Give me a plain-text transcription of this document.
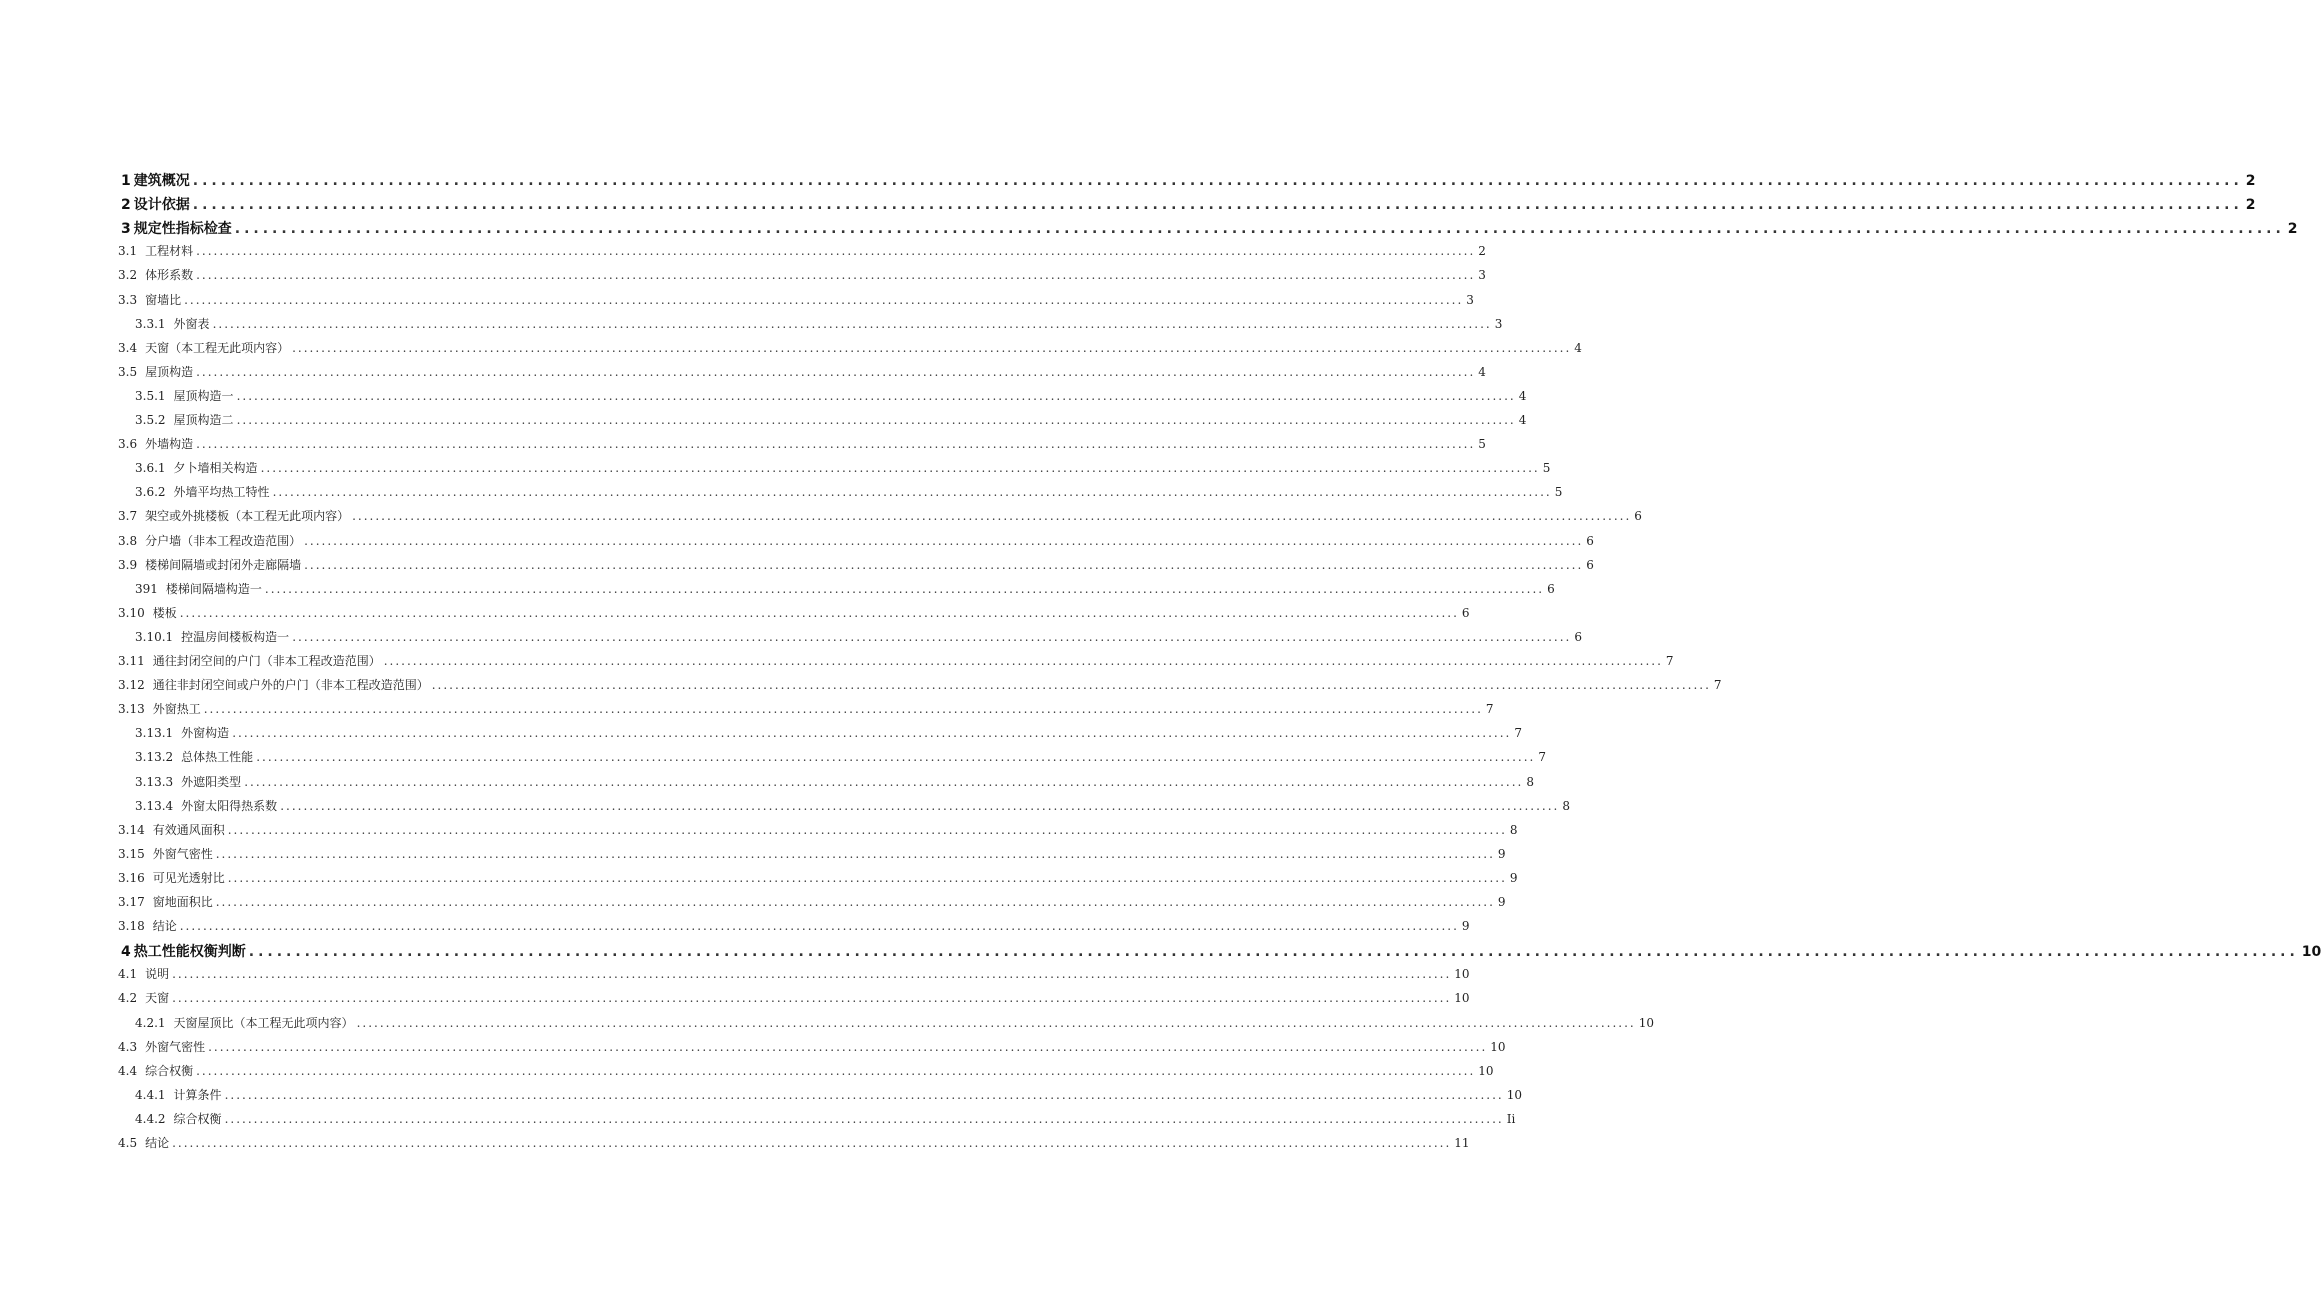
1 建筑概况 ............................................................................................................................................................................................................................ 2
2 设计依据 ............................................................................................................................................................................................................................ 2
3 规定性指标检查 ............................................................................................................................................................................................................................ 2
3.1 工程材料 ............................................................................................................................................................................................................................ 2
3.2 体形系数 ............................................................................................................................................................................................................................ 3
3.3 窗墙比 ............................................................................................................................................................................................................................ 3
3.3.1 外窗表 ............................................................................................................................................................................................................................ 3
3.4 天窗（本工程无此项内容） ............................................................................................................................................................................................................................ 4
3.5 屋顶构造 ............................................................................................................................................................................................................................ 4
3.5.1 屋顶构造一 ............................................................................................................................................................................................................................ 4
3.5.2 屋顶构造二 ............................................................................................................................................................................................................................ 4
3.6 外墙构造 ............................................................................................................................................................................................................................ 5
3.6.1 夕卜墙相关构造 ............................................................................................................................................................................................................................ 5
3.6.2 外墙平均热工特性 ............................................................................................................................................................................................................................ 5
3.7 架空或外挑楼板（本工程无此项内容） ............................................................................................................................................................................................................................ 6
3.8 分户墙（非本工程改造范围） ............................................................................................................................................................................................................................ 6
3.9 楼梯间隔墙或封闭外走廊隔墙 ............................................................................................................................................................................................................................ 6
391 楼梯间隔墙构造一 ............................................................................................................................................................................................................................ 6
3.10 楼板 ............................................................................................................................................................................................................................ 6
3.10.1 控温房间楼板构造一 ............................................................................................................................................................................................................................ 6
3.11 通往封闭空间的户门（非本工程改造范围） ............................................................................................................................................................................................................................ 7
3.12 通往非封闭空间或户外的户门（非本工程改造范围） ............................................................................................................................................................................................................................ 7
3.13 外窗热工 ............................................................................................................................................................................................................................ 7
3.13.1 外窗构造 ............................................................................................................................................................................................................................ 7
3.13.2 总体热工性能 ............................................................................................................................................................................................................................ 7
3.13.3 外遮阳类型 ............................................................................................................................................................................................................................ 8
3.13.4 外窗太阳得热系数 ............................................................................................................................................................................................................................ 8
3.14 有效通风面积 ............................................................................................................................................................................................................................ 8
3.15 外窗气密性 ............................................................................................................................................................................................................................ 9
3.16 可见光透射比 ............................................................................................................................................................................................................................ 9
3.17 窗地面积比 ............................................................................................................................................................................................................................ 9
3.18 结论 ............................................................................................................................................................................................................................ 9
4 热工性能权衡判断 ............................................................................................................................................................................................................................ 10
4.1 说明 ............................................................................................................................................................................................................................ 10
4.2 天窗 ............................................................................................................................................................................................................................ 10
4.2.1 天窗屋顶比（本工程无此项内容） ............................................................................................................................................................................................................................ 10
4.3 外窗气密性 ............................................................................................................................................................................................................................ 10
4.4 综合权衡 ............................................................................................................................................................................................................................ 10
4.4.1 计算条件 ............................................................................................................................................................................................................................ 10
4.4.2 综合权衡 ............................................................................................................................................................................................................................ Ii
4.5 结论 ............................................................................................................................................................................................................................ 11
